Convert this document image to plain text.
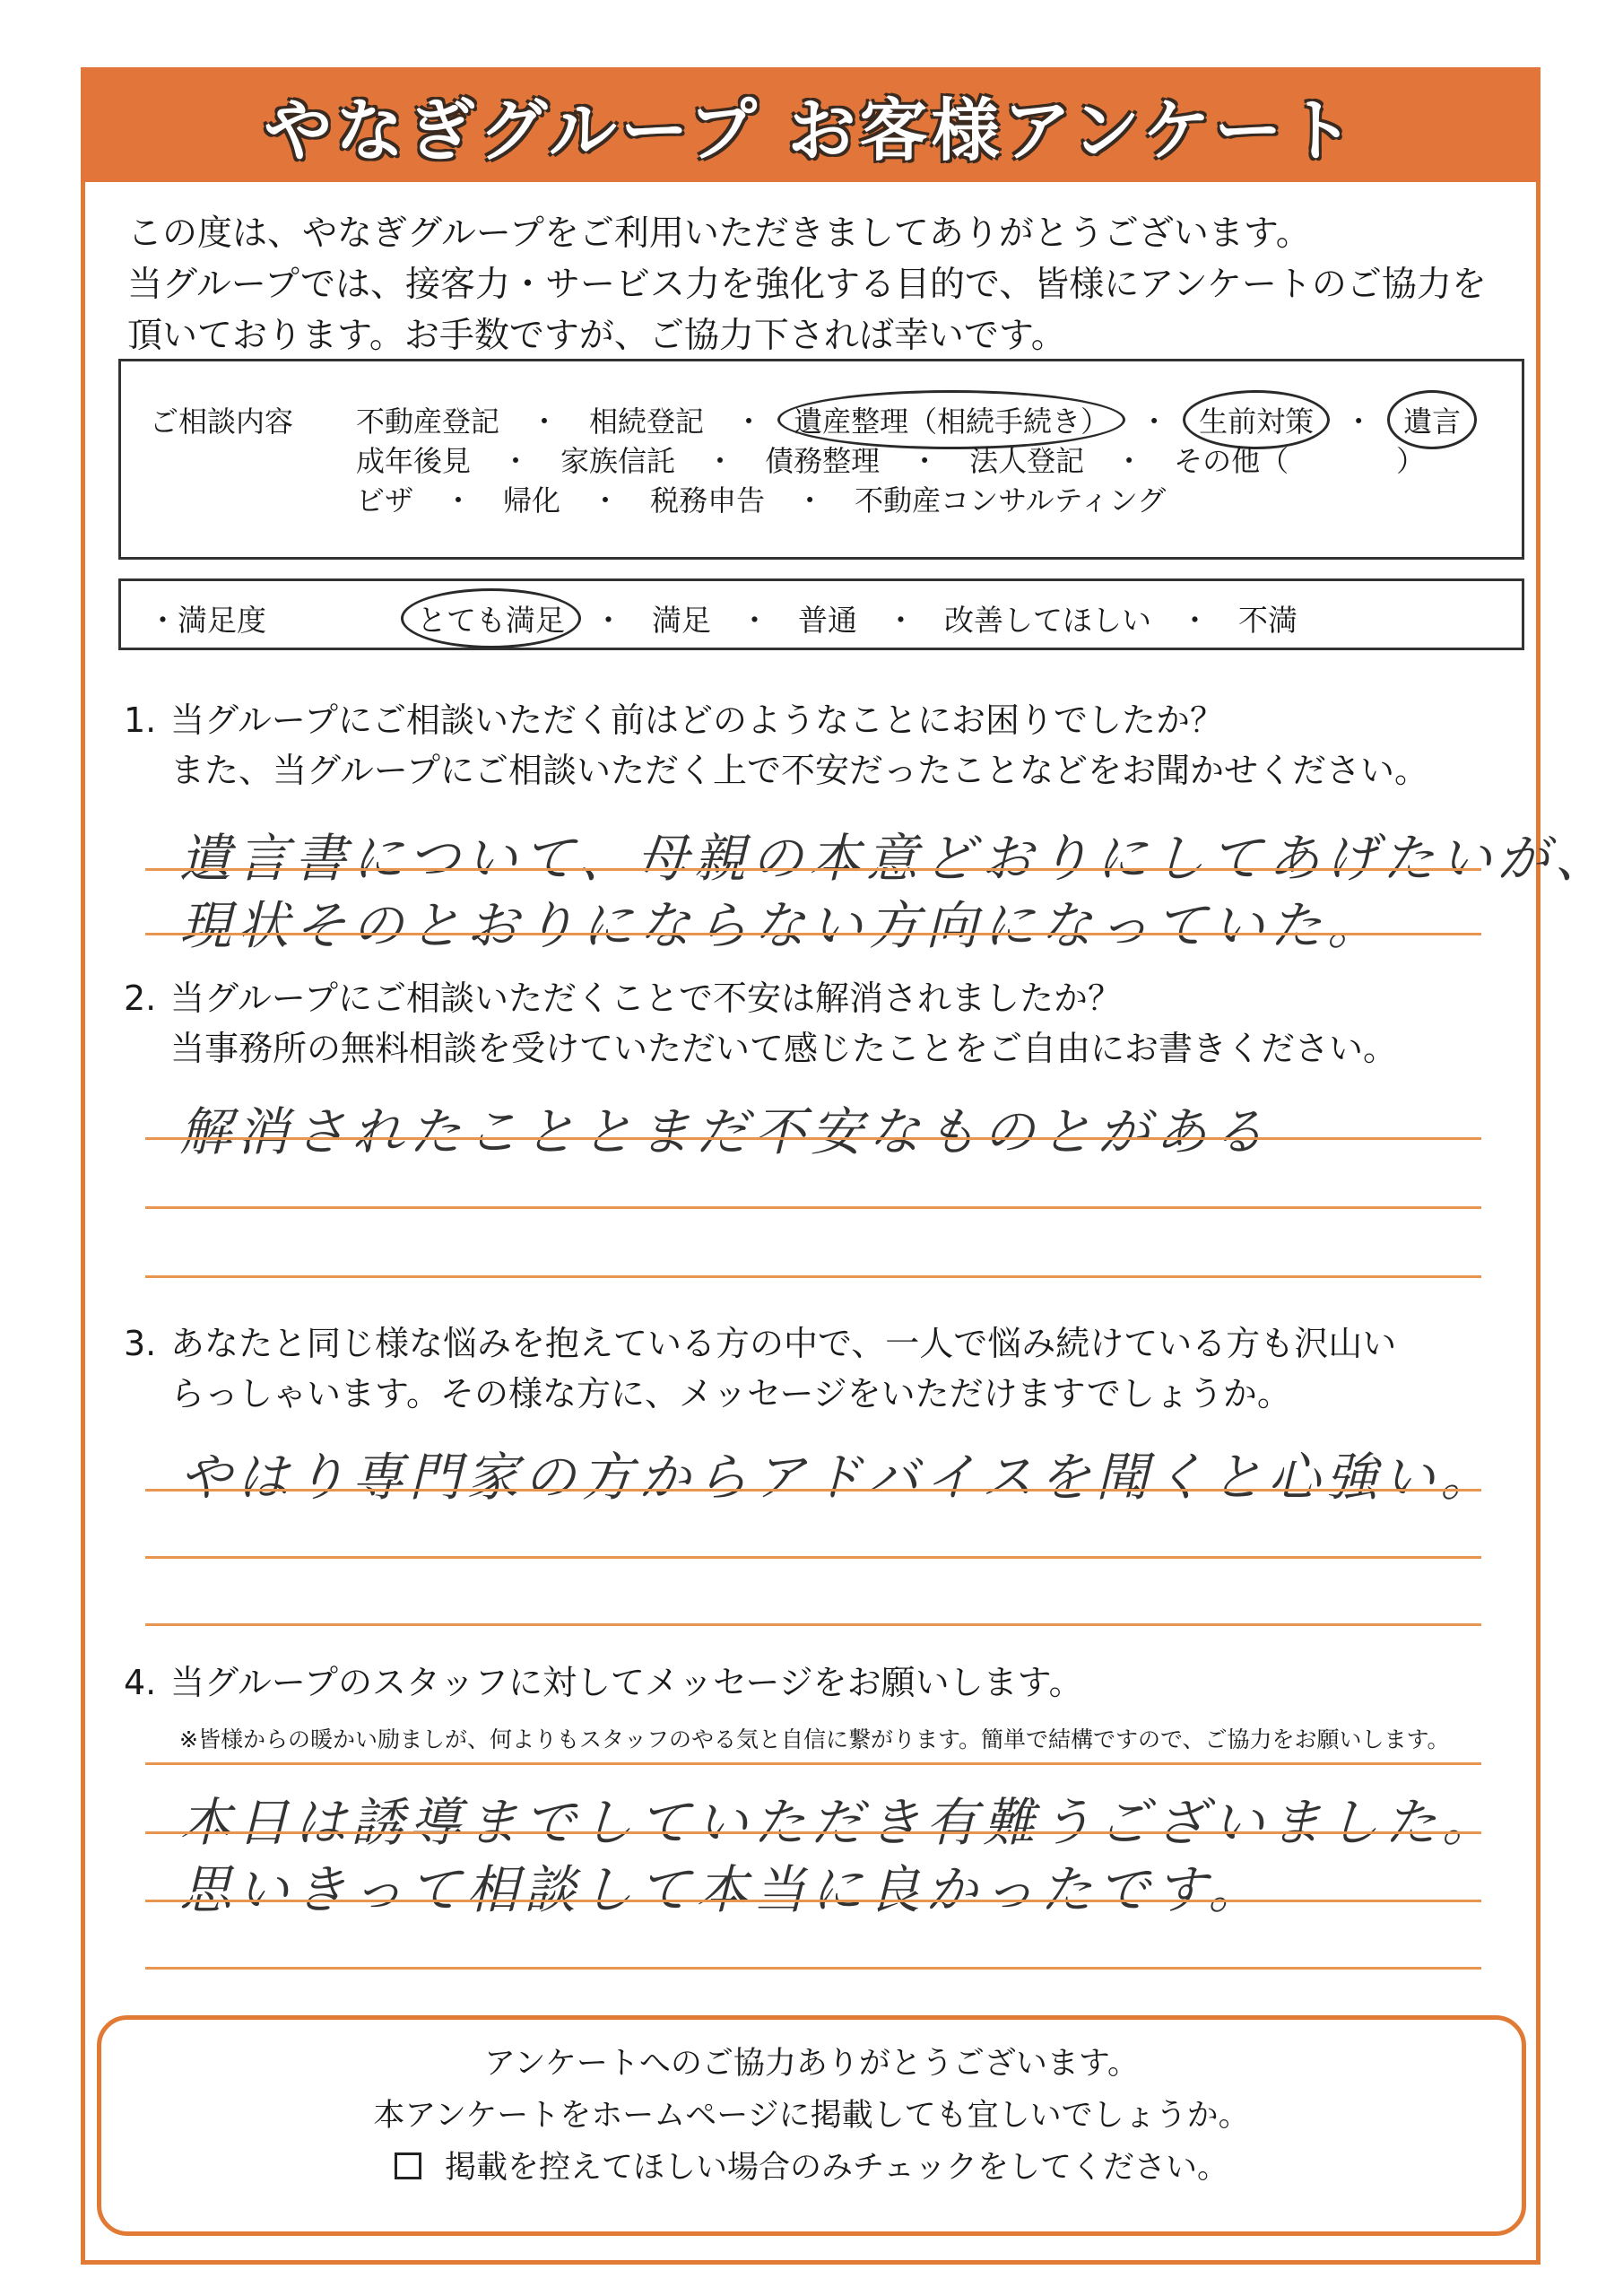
やなぎグループ お客様アンケート

この度は、やなぎグループをご利用いただきましてありがとうございます。

当グループでは、接客力・サービス力を強化する目的で、皆様にアンケートのご協力を

頂いております。お手数ですが、ご協力下されば幸いです。

ご相談内容 不動産登記 ・ 相続登記 ・ 遺産整理（相続手続き） ・ 生前対策 ・ 遺言
成年後見 ・ 家族信託 ・ 債務整理 ・ 法人登記 ・ その他（	）
ビザ ・ 帰化 ・ 税務申告 ・ 不動産コンサルティング
・満足度	とても満足 ・ 満足 ・ 普通 ・ 改善してほしい ・ 不満
1. 当グループにご相談いただく前はどのようなことにお困りでしたか？
また、当グループにご相談いただく上で不安だったことなどをお聞かせください。
遺言書について、母親の本意どおりにしてあげたいが、
現状そのとおりにならない方向になっていた。
2. 当グループにご相談いただくことで不安は解消されましたか？
当事務所の無料相談を受けていただいて感じたことをご自由にお書きください。
解消されたこととまだ不安なものとがある
3. あなたと同じ様な悩みを抱えている方の中で、一人で悩み続けている方も沢山い
らっしゃいます。その様な方に、メッセージをいただけますでしょうか。
やはり専門家の方からアドバイスを聞くと心強い。
4. 当グループのスタッフに対してメッセージをお願いします。
※皆様からの暖かい励ましが、何よりもスタッフのやる気と自信に繋がります。簡単で結構ですので、ご協力をお願いします。
本日は誘導までしていただき有難うございました。
思いきって相談して本当に良かったです。

アンケートへのご協力ありがとうございます。

本アンケートをホームページに掲載しても宜しいでしょうか。

掲載を控えてほしい場合のみチェックをしてください。
